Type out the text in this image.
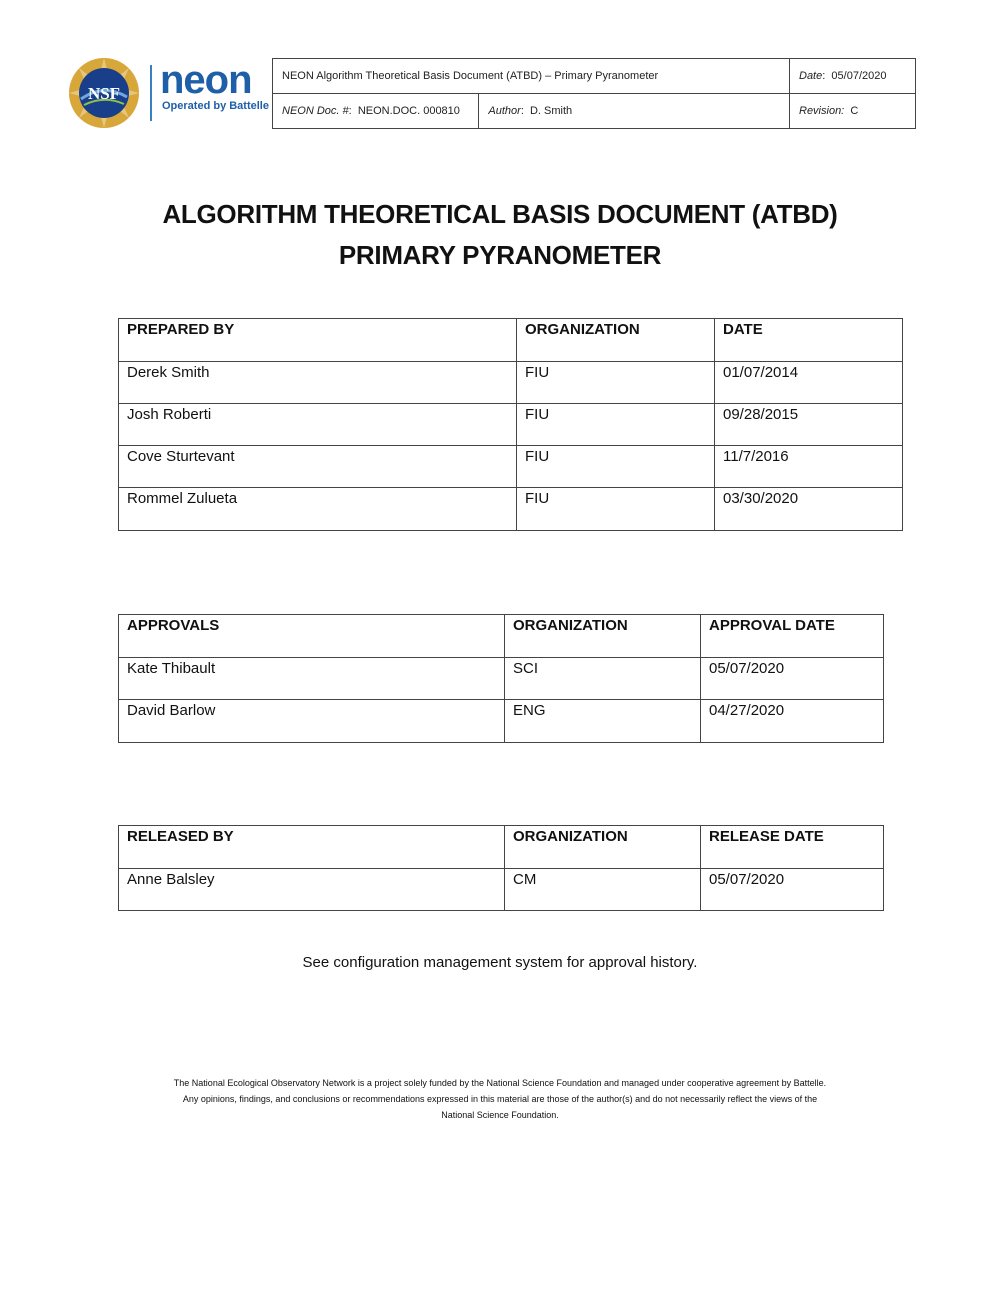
NSF neon
Operated by Battelle
NEON Algorithm Theoretical Basis Document (ATBD) – Primary Pyranometer		Date:  05/07/2020
NEON Doc. #:  NEON.DOC. 000810	Author:  D. Smith	Revision: C
ALGORITHM THEORETICAL BASIS DOCUMENT (ATBD)
PRIMARY PYRANOMETER
PREPARED BY	ORGANIZATION	DATE
Derek Smith	FIU	01/07/2014
Josh Roberti	FIU	09/28/2015
Cove Sturtevant	FIU	11/7/2016
Rommel Zulueta	FIU	03/30/2020
APPROVALS	ORGANIZATION	APPROVAL DATE
Kate Thibault	SCI	05/07/2020
David Barlow	ENG	04/27/2020
RELEASED BY	ORGANIZATION	RELEASE DATE
Anne Balsley	CM	05/07/2020
See configuration management system for approval history.
The National Ecological Observatory Network is a project solely funded by the National Science Foundation and managed under cooperative agreement by Battelle.
Any opinions, findings, and conclusions or recommendations expressed in this material are those of the author(s) and do not necessarily reflect the views of the
National Science Foundation.
